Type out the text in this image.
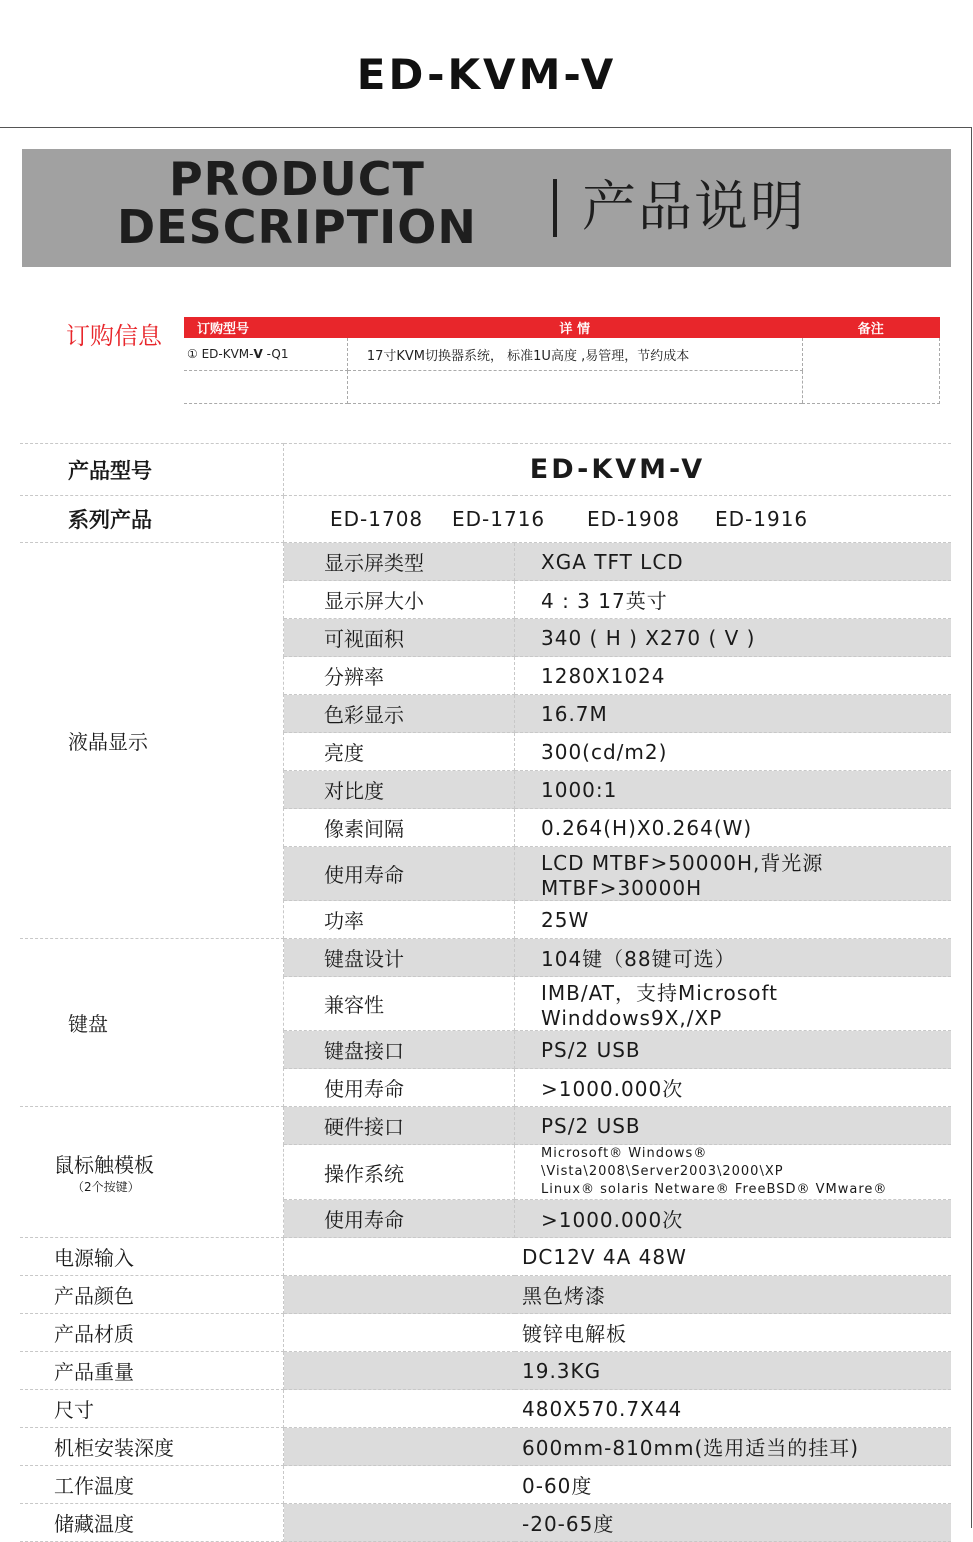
ED-KVM-V
PRODUCT
DESCRIPTION 产品说明
订购信息	订购型号	详 情	备注
① ED-KVM-V -Q1	17寸KVM切换器系统， 标准1U高度 ,易管理，节约成本	

产品型号	ED-KVM-V	
系列产品	ED-1708 ED-1716 ED-1908 ED-1916	
液晶显示	显示屏类型	XGA TFT LCD
	显示屏大小	4 : 3 17英寸
	可视面积	340 ( H ) X270 ( V )
	分辨率	1280X1024
	色彩显示	16.7M
	亮度	300(cd/m2)
	对比度	1000:1
	像素间隔	0.264(H)X0.264(W)
	使用寿命	LCD MTBF>50000H,背光源MTBF>30000H
	功率	25W
键盘	键盘设计	104键（88键可选）
	兼容性	IMB/AT，支持Microsoft Winddows9X,/XP
	键盘接口	PS/2 USB
	使用寿命	>1000.000次

鼠标触模板
（2个按键）	硬件接口	PS/2 USB
	操作系统	Microsoft® Windows® \Vista\2008\Server2003\2000\XP
Linux® solaris Netware® FreeBSD® VMware®

	使用寿命	>1000.000次
电源输入	DC12V 4A 48W	
产品颜色	黑色烤漆	
产品材质	镀锌电解板	
产品重量	19.3KG	
尺寸	480X570.7X44	
机柜安装深度	600mm-810mm(选用适当的挂耳)	
工作温度	0-60度	
储藏温度	-20-65度	
